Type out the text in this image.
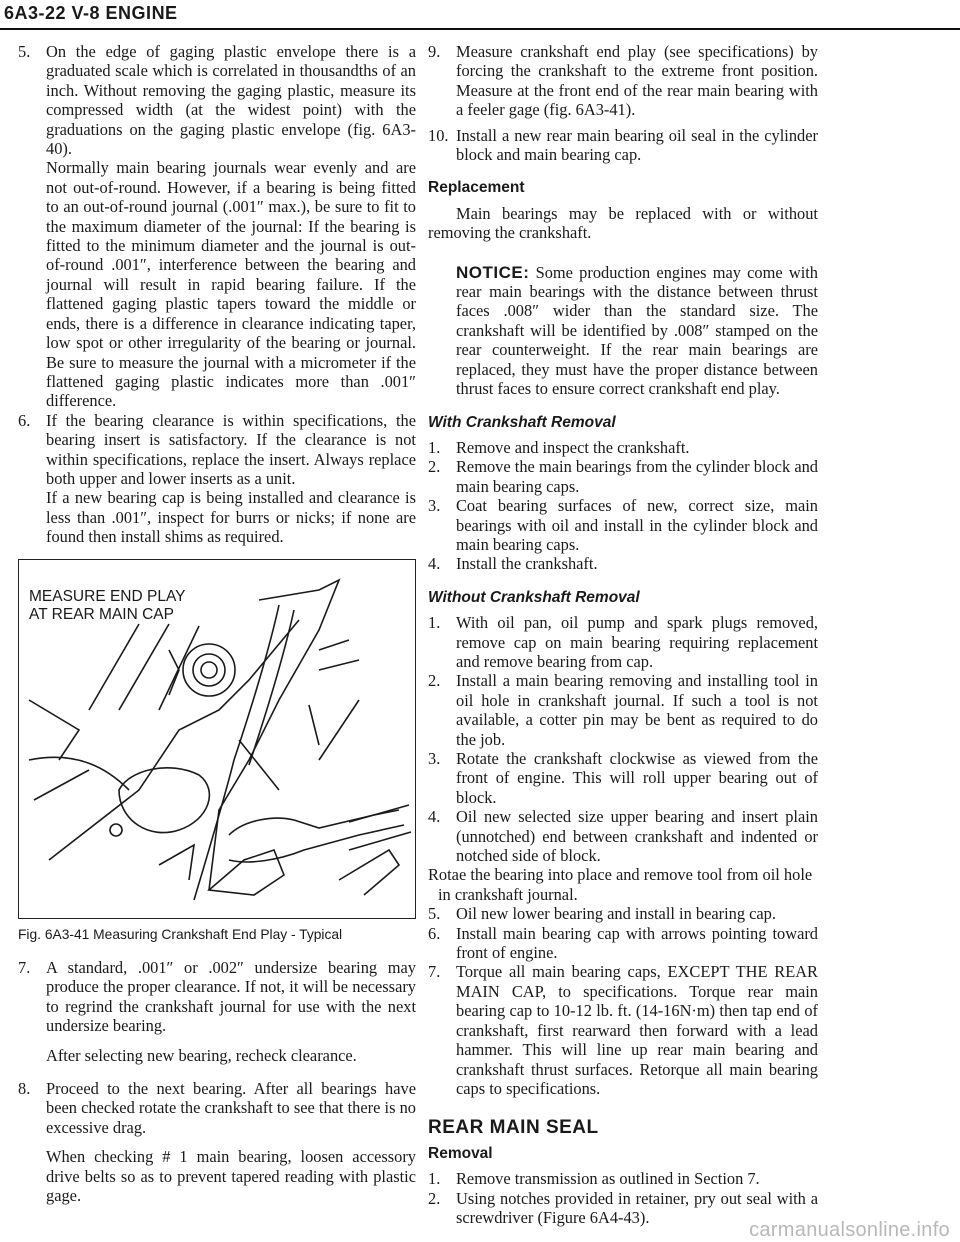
6A3-22 V-8 ENGINE
5. On the edge of gaging plastic envelope there is a graduated scale which is correlated in thousandths of an inch. Without removing the gaging plastic, measure its compressed width (at the widest point) with the graduations on the gaging plastic envelope (fig. 6A3-40).
Normally main bearing journals wear evenly and are not out-of-round. However, if a bearing is being fitted to an out-of-round journal (.001″ max.), be sure to fit to the maximum diameter of the journal: If the bearing is fitted to the minimum diameter and the journal is out-of-round .001″, interference between the bearing and journal will result in rapid bearing failure. If the flattened gaging plastic tapers toward the middle or ends, there is a difference in clearance indicating taper, low spot or other irregularity of the bearing or journal. Be sure to measure the journal with a micrometer if the flattened gaging plastic indicates more than .001″ difference.
6. If the bearing clearance is within specifications, the bearing insert is satisfactory. If the clearance is not within specifications, replace the insert. Always replace both upper and lower inserts as a unit.
If a new bearing cap is being installed and clearance is less than .001″, inspect for burrs or nicks; if none are found then install shims as required.
MEASURE END PLAY
AT REAR MAIN CAP
Fig. 6A3-41 Measuring Crankshaft End Play - Typical
7. A standard, .001″ or .002″ undersize bearing may produce the proper clearance. If not, it will be necessary to regrind the crankshaft journal for use with the next undersize bearing.
After selecting new bearing, recheck clearance.
8. Proceed to the next bearing. After all bearings have been checked rotate the crankshaft to see that there is no excessive drag.
When checking # 1 main bearing, loosen accessory drive belts so as to prevent tapered reading with plastic gage.
9. Measure crankshaft end play (see specifications) by forcing the crankshaft to the extreme front position. Measure at the front end of the rear main bearing with a feeler gage (fig. 6A3-41).
10. Install a new rear main bearing oil seal in the cylinder block and main bearing cap.
Replacement
Main bearings may be replaced with or without removing the crankshaft.
NOTICE: Some production engines may come with rear main bearings with the distance between thrust faces .008″ wider than the standard size. The crankshaft will be identified by .008″ stamped on the rear counterweight. If the rear main bearings are replaced, they must have the proper distance between thrust faces to ensure correct crankshaft end play.
With Crankshaft Removal
1. Remove and inspect the crankshaft.
2. Remove the main bearings from the cylinder block and main bearing caps.
3. Coat bearing surfaces of new, correct size, main bearings with oil and install in the cylinder block and main bearing caps.
4. Install the crankshaft.
Without Crankshaft Removal
1. With oil pan, oil pump and spark plugs removed, remove cap on main bearing requiring replacement and remove bearing from cap.
2. Install a main bearing removing and installing tool in oil hole in crankshaft journal. If such a tool is not available, a cotter pin may be bent as required to do the job.
3. Rotate the crankshaft clockwise as viewed from the front of engine. This will roll upper bearing out of block.
4. Oil new selected size upper bearing and insert plain (unnotched) end between crankshaft and indented or notched side of block.
Rotae the bearing into place and remove tool from oil hole in crankshaft journal.
5. Oil new lower bearing and install in bearing cap.
6. Install main bearing cap with arrows pointing toward front of engine.
7. Torque all main bearing caps, EXCEPT THE REAR MAIN CAP, to specifications. Torque rear main bearing cap to 10-12 lb. ft. (14-16N·m) then tap end of crankshaft, first rearward then forward with a lead hammer. This will line up rear main bearing and crankshaft thrust surfaces. Retorque all main bearing caps to specifications.
REAR MAIN SEAL
Removal
1. Remove transmission as outlined in Section 7.
2. Using notches provided in retainer, pry out seal with a screwdriver (Figure 6A4-43).
carmanualsonline.info
